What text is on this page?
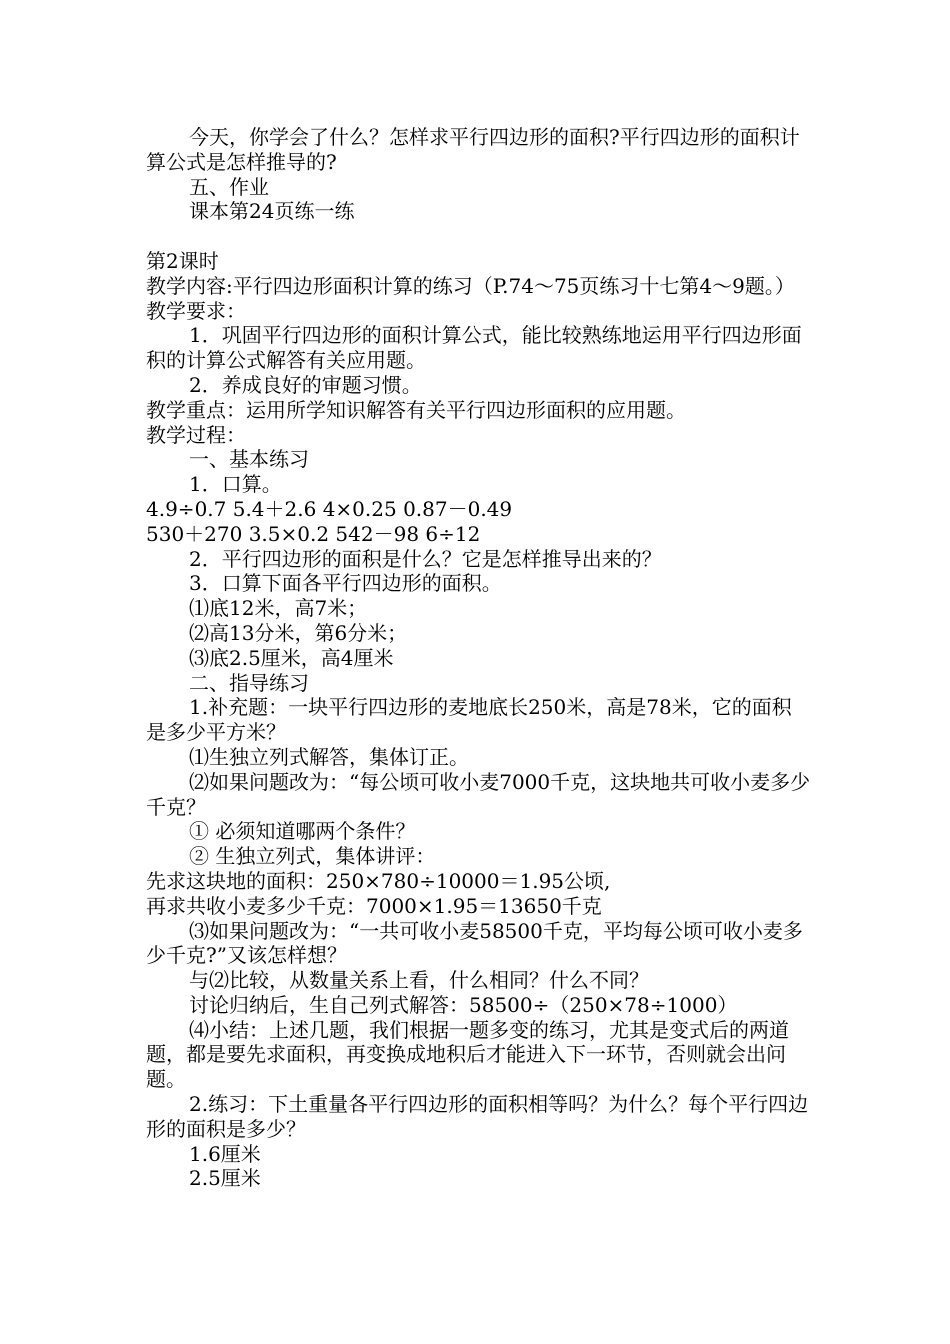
今天，你学会了什么？怎样求平行四边形的面积?平行四边形的面积计算公式是怎样推导的?

五、作业

课本第24页练一练

第2课时

教学内容:平行四边形面积计算的练习（P.74～75页练习十七第4～9题。）

教学要求：

1．巩固平行四边形的面积计算公式，能比较熟练地运用平行四边形面积的计算公式解答有关应用题。

2．养成良好的审题习惯。

教学重点：运用所学知识解答有关平行四边形面积的应用题。

教学过程：

一、基本练习

1．口算。

4.9÷0.7 5.4＋2.6 4×0.25 0.87－0.49

530＋270 3.5×0.2 542－98 6÷12

2．平行四边形的面积是什么？它是怎样推导出来的？

3．口算下面各平行四边形的面积。

⑴底12米，高7米；

⑵高13分米，第6分米；

⑶底2.5厘米，高4厘米

二、指导练习

1.补充题：一块平行四边形的麦地底长250米，高是78米，它的面积是多少平方米？

⑴生独立列式解答，集体订正。

⑵如果问题改为：“每公顷可收小麦7000千克，这块地共可收小麦多少千克？

① 必须知道哪两个条件？

② 生独立列式，集体讲评：

先求这块地的面积：250×780÷10000＝1.95公顷,

再求共收小麦多少千克：7000×1.95＝13650千克

⑶如果问题改为：“一共可收小麦58500千克，平均每公顷可收小麦多少千克?”又该怎样想？

与⑵比较，从数量关系上看，什么相同？什么不同？

讨论归纳后，生自己列式解答：58500÷（250×78÷1000）

⑷小结：上述几题，我们根据一题多变的练习，尤其是变式后的两道题，都是要先求面积，再变换成地积后才能进入下一环节，否则就会出问题。

2.练习：下土重量各平行四边形的面积相等吗？为什么？每个平行四边形的面积是多少？

1.6厘米

2.5厘米
